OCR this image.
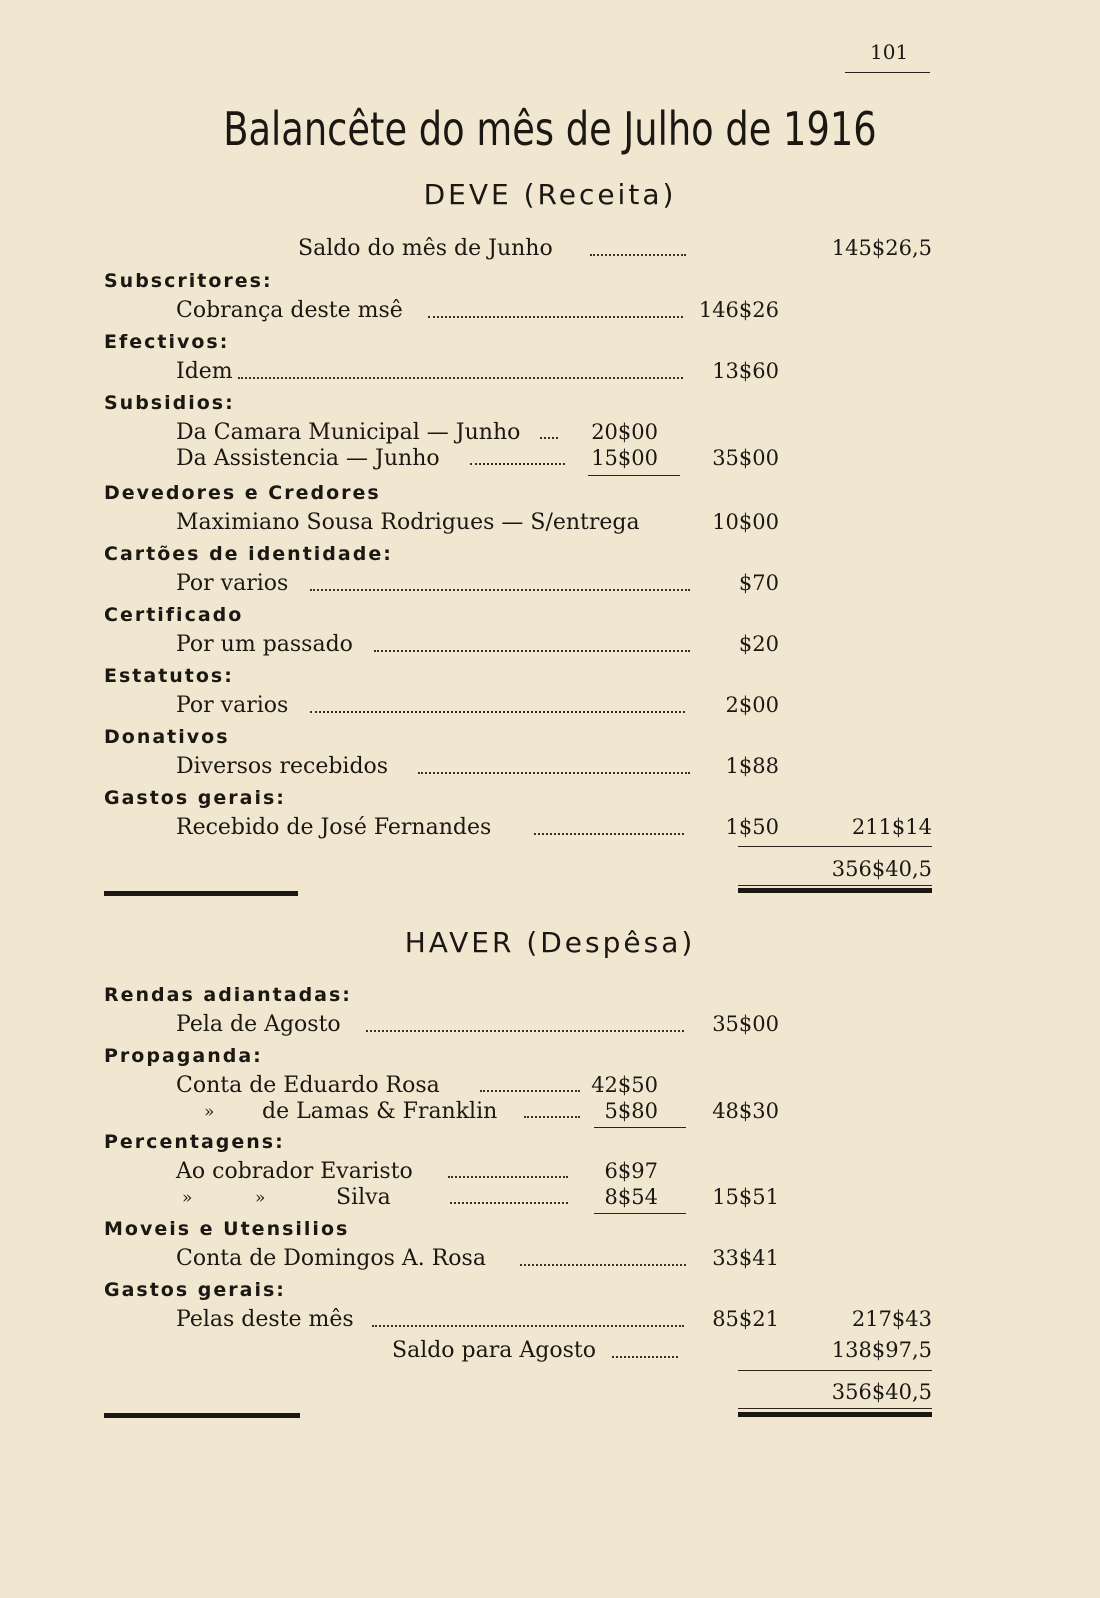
101
Balancête do mês de Julho de 1916
DEVE (Receita)
Saldo do mês de Junho	145$26,5
Subscritores:
Cobrança deste msê	146$26
Efectivos:
Idem	13$60
Subsidios:
Da Camara Municipal — Junho	20$00
Da Assistencia — Junho	15$00	35$00
Devedores e Credores
Maximiano Sousa Rodrigues — S/entrega	10$00
Cartões de identidade:
Por varios	$70
Certificado
Por um passado	$20
Estatutos:
Por varios	2$00
Donativos
Diversos recebidos	1$88
Gastos gerais:
Recebido de José Fernandes	1$50	211$14
356$40,5
HAVER (Despêsa)
Rendas adiantadas:
Pela de Agosto	35$00
Propaganda:
Conta de Eduardo Rosa	42$50
» de Lamas & Franklin	5$80	48$30
Percentagens:
Ao cobrador Evaristo	6$97
»	»	Silva	8$54	15$51
Moveis e Utensilios
Conta de Domingos A. Rosa	33$41
Gastos gerais:
Pelas deste mês	85$21	217$43
Saldo para Agosto	138$97,5
356$40,5
